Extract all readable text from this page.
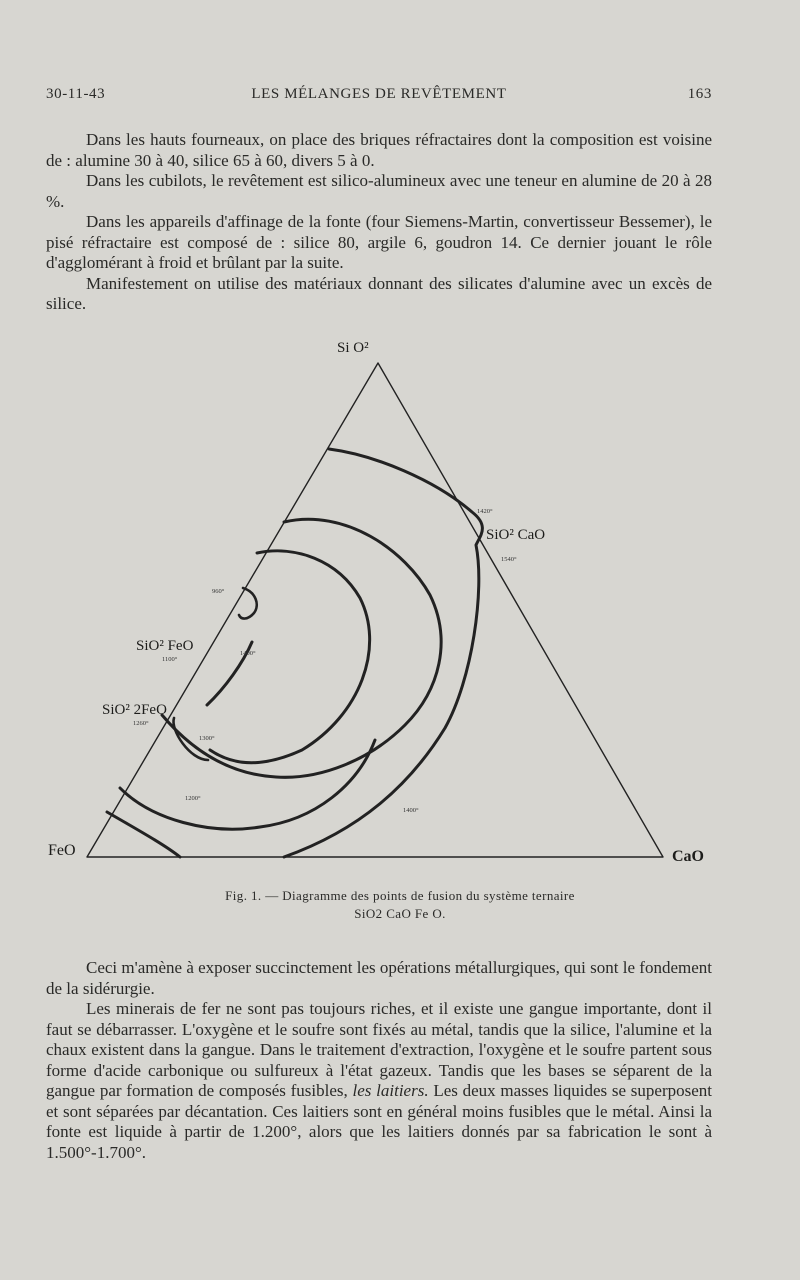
30-11-43	LES MÉLANGES DE REVÊTEMENT	163

Dans les hauts fourneaux, on place des briques réfractaires dont la composition est voisine de : alumine 30 à 40, silice 65 à 60, divers 5 à 0.

Dans les cubilots, le revêtement est silico-alumineux avec une teneur en alumine de 20 à 28 %.

Dans les appareils d'affinage de la fonte (four Siemens-Martin, convertisseur Bessemer), le pisé réfractaire est composé de : silice 80, argile 6, goudron 14. Ce dernier jouant le rôle d'agglomérant à froid et brûlant par la suite.

Manifestement on utilise des matériaux donnant des silicates d'alumine avec un excès de silice.

Si O²
FeO	CaO
SiO² CaO
SiO² FeO
SiO² 2FeO
1420°
1540°
960°
1100°
1400°
1260°
1300°
1200°
1400°
Fig. 1. — Diagramme des points de fusion du système ternaire
SiO2 CaO Fe O.

Ceci m'amène à exposer succinctement les opérations métallurgiques, qui sont le fondement de la sidérurgie.

Les minerais de fer ne sont pas toujours riches, et il existe une gangue importante, dont il faut se débarrasser. L'oxygène et le soufre sont fixés au métal, tandis que la silice, l'alumine et la chaux existent dans la gangue. Dans le traitement d'extraction, l'oxygène et le soufre partent sous forme d'acide carbonique ou sulfureux à l'état gazeux. Tandis que les bases se séparent de la gangue par formation de composés fusibles, les laitiers. Les deux masses liquides se superposent et sont séparées par décantation. Ces laitiers sont en général moins fusibles que le métal. Ainsi la fonte est liquide à partir de 1.200°, alors que les laitiers donnés par sa fabrication le sont à 1.500°-1.700°.
